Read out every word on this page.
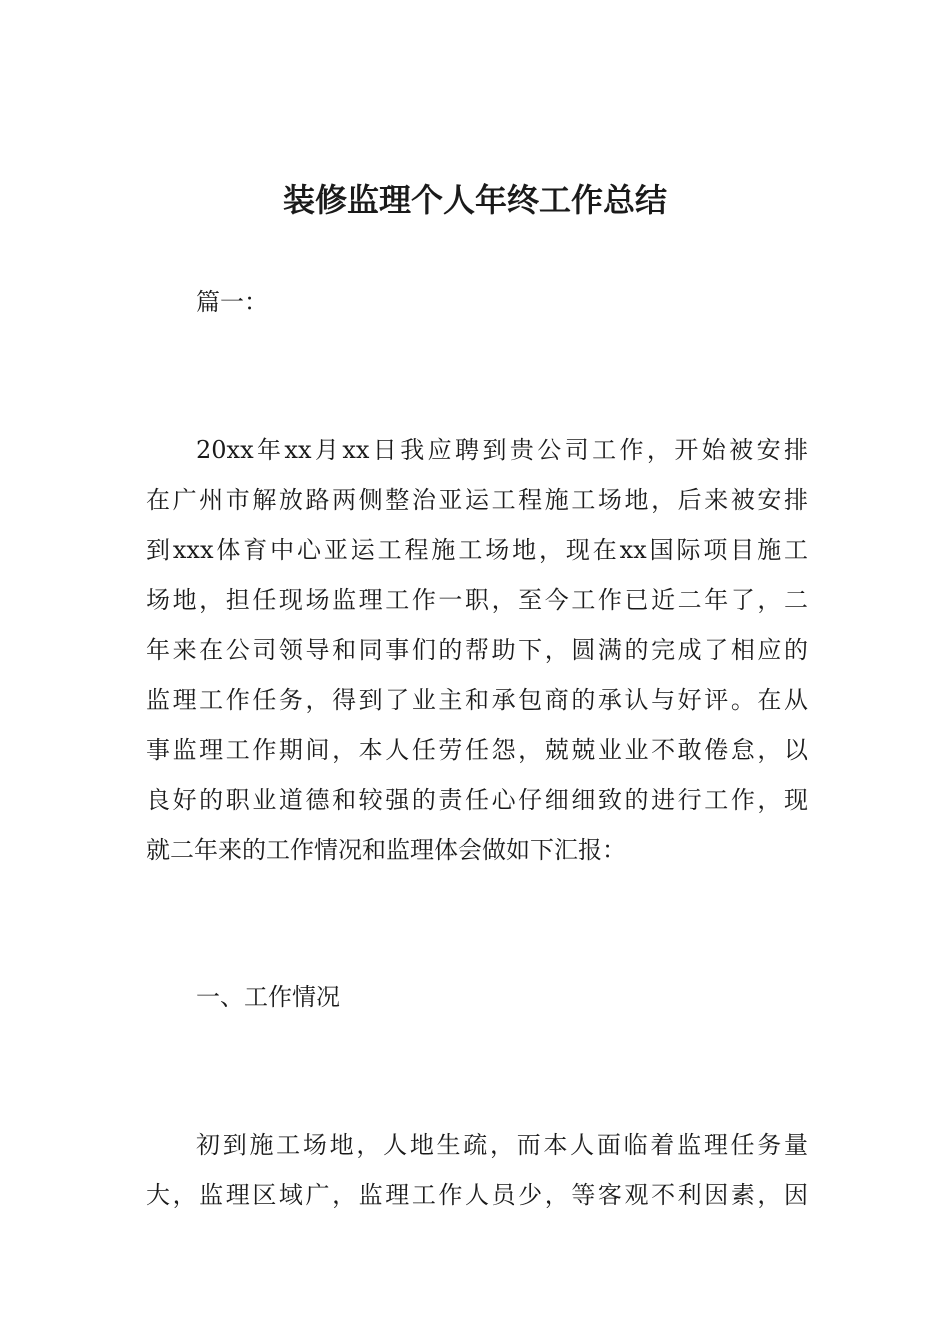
装修监理个人年终工作总结

篇一：

20xx年xx月xx日我应聘到贵公司工作，开始被安排
在广州市解放路两侧整治亚运工程施工场地，后来被安排
到xxx体育中心亚运工程施工场地，现在xx国际项目施工
场地，担任现场监理工作一职，至今工作已近二年了，二
年来在公司领导和同事们的帮助下，圆满的完成了相应的
监理工作任务，得到了业主和承包商的承认与好评。在从
事监理工作期间，本人任劳任怨，兢兢业业不敢倦怠，以
良好的职业道德和较强的责任心仔细细致的进行工作，现
就二年来的工作情况和监理体会做如下汇报：

一、工作情况

初到施工场地，人地生疏，而本人面临着监理任务量
大，监理区域广，监理工作人员少，等客观不利因素，因
